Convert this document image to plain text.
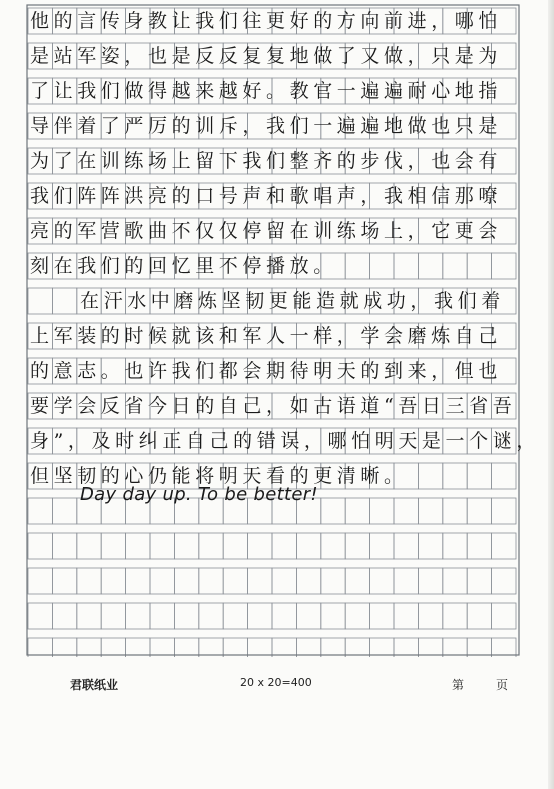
他的言传身教让我们往更好的方向前进，哪怕
是站军姿，也是反反复复地做了又做，只是为
了让我们做得越来越好。教官一遍遍耐心地指
导伴着了严厉的训斥，我们一遍遍地做也只是
为了在训练场上留下我们整齐的步伐，也会有
我们阵阵洪亮的口号声和歌唱声，我相信那嘹
亮的军营歌曲不仅仅停留在训练场上，它更会
刻在我们的回忆里不停播放。
在汗水中磨炼坚韧更能造就成功，我们着
上军装的时候就该和军人一样，学会磨炼自己
的意志。也许我们都会期待明天的到来，但也
要学会反省今日的自己，如古语道“吾日三省吾
身”，及时纠正自己的错误，哪怕明天是一个谜，
但坚韧的心仍能将明天看的更清晰。
Day day up. To be better!
君联纸业	20 x 20=400	第	页
